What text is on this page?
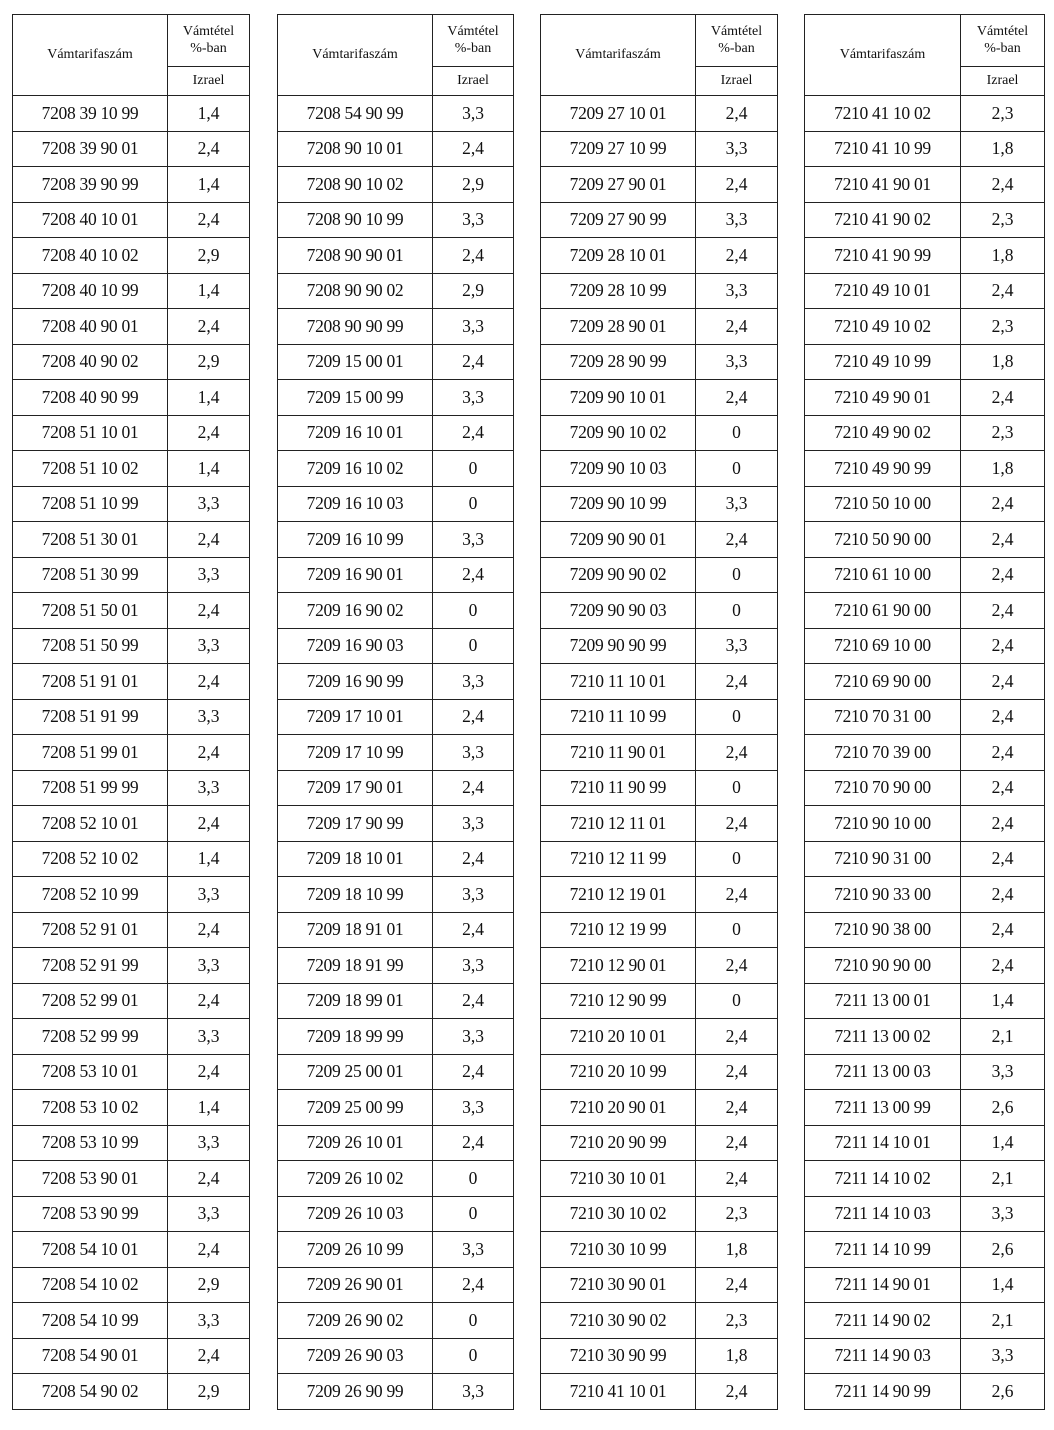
Vámtarifaszám	Vámtétel
%-ban
	Izrael
7208 39 10 99	1,4
7208 39 90 01	2,4
7208 39 90 99	1,4
7208 40 10 01	2,4
7208 40 10 02	2,9
7208 40 10 99	1,4
7208 40 90 01	2,4
7208 40 90 02	2,9
7208 40 90 99	1,4
7208 51 10 01	2,4
7208 51 10 02	1,4
7208 51 10 99	3,3
7208 51 30 01	2,4
7208 51 30 99	3,3
7208 51 50 01	2,4
7208 51 50 99	3,3
7208 51 91 01	2,4
7208 51 91 99	3,3
7208 51 99 01	2,4
7208 51 99 99	3,3
7208 52 10 01	2,4
7208 52 10 02	1,4
7208 52 10 99	3,3
7208 52 91 01	2,4
7208 52 91 99	3,3
7208 52 99 01	2,4
7208 52 99 99	3,3
7208 53 10 01	2,4
7208 53 10 02	1,4
7208 53 10 99	3,3
7208 53 90 01	2,4
7208 53 90 99	3,3
7208 54 10 01	2,4
7208 54 10 02	2,9
7208 54 10 99	3,3
7208 54 90 01	2,4
7208 54 90 02	2,9
Vámtarifaszám	Vámtétel
%-ban
	Izrael
7208 54 90 99	3,3
7208 90 10 01	2,4
7208 90 10 02	2,9
7208 90 10 99	3,3
7208 90 90 01	2,4
7208 90 90 02	2,9
7208 90 90 99	3,3
7209 15 00 01	2,4
7209 15 00 99	3,3
7209 16 10 01	2,4
7209 16 10 02	0
7209 16 10 03	0
7209 16 10 99	3,3
7209 16 90 01	2,4
7209 16 90 02	0
7209 16 90 03	0
7209 16 90 99	3,3
7209 17 10 01	2,4
7209 17 10 99	3,3
7209 17 90 01	2,4
7209 17 90 99	3,3
7209 18 10 01	2,4
7209 18 10 99	3,3
7209 18 91 01	2,4
7209 18 91 99	3,3
7209 18 99 01	2,4
7209 18 99 99	3,3
7209 25 00 01	2,4
7209 25 00 99	3,3
7209 26 10 01	2,4
7209 26 10 02	0
7209 26 10 03	0
7209 26 10 99	3,3
7209 26 90 01	2,4
7209 26 90 02	0
7209 26 90 03	0
7209 26 90 99	3,3
Vámtarifaszám	Vámtétel
%-ban
	Izrael
7209 27 10 01	2,4
7209 27 10 99	3,3
7209 27 90 01	2,4
7209 27 90 99	3,3
7209 28 10 01	2,4
7209 28 10 99	3,3
7209 28 90 01	2,4
7209 28 90 99	3,3
7209 90 10 01	2,4
7209 90 10 02	0
7209 90 10 03	0
7209 90 10 99	3,3
7209 90 90 01	2,4
7209 90 90 02	0
7209 90 90 03	0
7209 90 90 99	3,3
7210 11 10 01	2,4
7210 11 10 99	0
7210 11 90 01	2,4
7210 11 90 99	0
7210 12 11 01	2,4
7210 12 11 99	0
7210 12 19 01	2,4
7210 12 19 99	0
7210 12 90 01	2,4
7210 12 90 99	0
7210 20 10 01	2,4
7210 20 10 99	2,4
7210 20 90 01	2,4
7210 20 90 99	2,4
7210 30 10 01	2,4
7210 30 10 02	2,3
7210 30 10 99	1,8
7210 30 90 01	2,4
7210 30 90 02	2,3
7210 30 90 99	1,8
7210 41 10 01	2,4
Vámtarifaszám	Vámtétel
%-ban
	Izrael
7210 41 10 02	2,3
7210 41 10 99	1,8
7210 41 90 01	2,4
7210 41 90 02	2,3
7210 41 90 99	1,8
7210 49 10 01	2,4
7210 49 10 02	2,3
7210 49 10 99	1,8
7210 49 90 01	2,4
7210 49 90 02	2,3
7210 49 90 99	1,8
7210 50 10 00	2,4
7210 50 90 00	2,4
7210 61 10 00	2,4
7210 61 90 00	2,4
7210 69 10 00	2,4
7210 69 90 00	2,4
7210 70 31 00	2,4
7210 70 39 00	2,4
7210 70 90 00	2,4
7210 90 10 00	2,4
7210 90 31 00	2,4
7210 90 33 00	2,4
7210 90 38 00	2,4
7210 90 90 00	2,4
7211 13 00 01	1,4
7211 13 00 02	2,1
7211 13 00 03	3,3
7211 13 00 99	2,6
7211 14 10 01	1,4
7211 14 10 02	2,1
7211 14 10 03	3,3
7211 14 10 99	2,6
7211 14 90 01	1,4
7211 14 90 02	2,1
7211 14 90 03	3,3
7211 14 90 99	2,6
